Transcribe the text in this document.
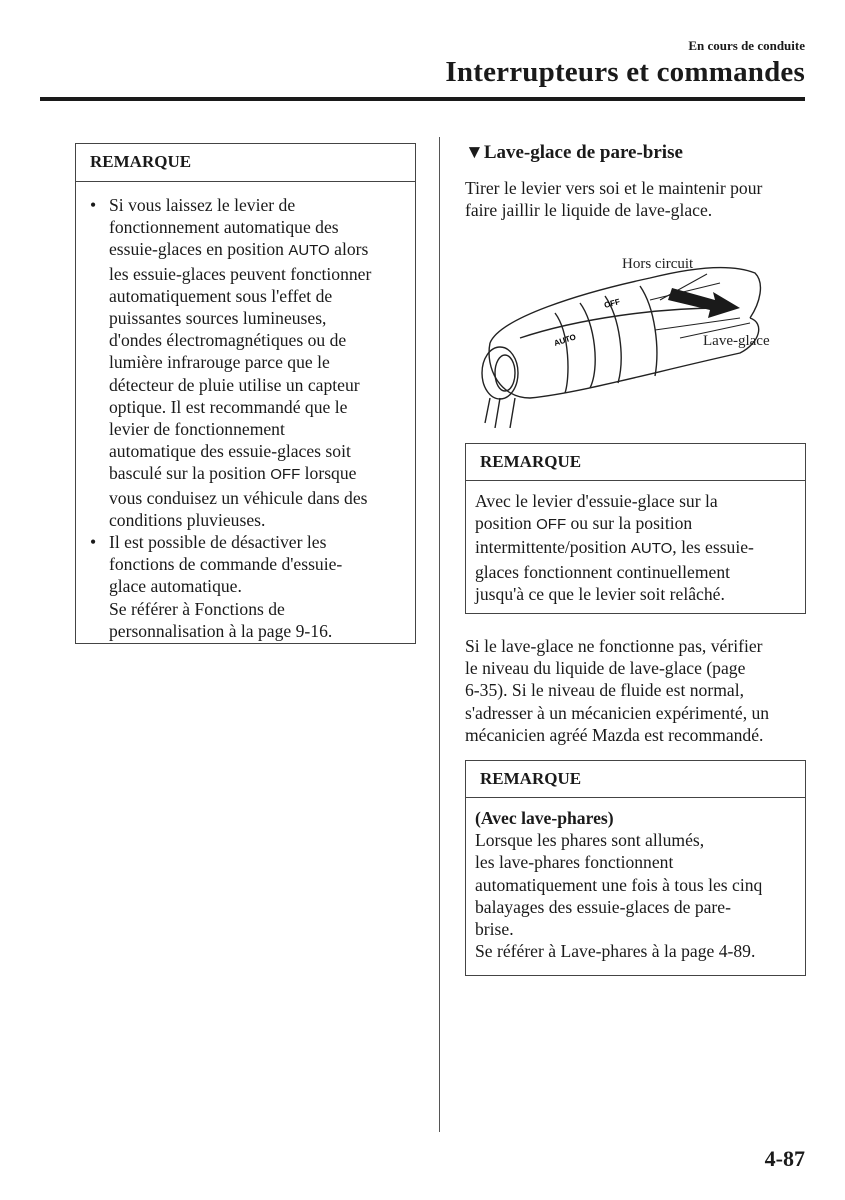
En cours de conduite
Interrupteurs et commandes
REMARQUE
• Si vous laissez le levier de
fonctionnement automatique des
essuie-glaces en position AUTO alors
les essuie-glaces peuvent fonctionner
automatiquement sous l'effet de
puissantes sources lumineuses,
d'ondes électromagnétiques ou de
lumière infrarouge parce que le
détecteur de pluie utilise un capteur
optique. Il est recommandé que le
levier de fonctionnement
automatique des essuie-glaces soit
basculé sur la position OFF lorsque
vous conduisez un véhicule dans des
conditions pluvieuses.
• Il est possible de désactiver les
fonctions de commande d'essuie-
glace automatique.
Se référer à Fonctions de
personnalisation à la page 9-16.
▼Lave-glace de pare-brise
Tirer le levier vers soi et le maintenir pour
faire jaillir le liquide de lave-glace.
AUTO
OFF
Hors circuit
Lave-glace
REMARQUE
Avec le levier d'essuie-glace sur la
position OFF ou sur la position
intermittente/position AUTO, les essuie-
glaces fonctionnent continuellement
jusqu'à ce que le levier soit relâché.
Si le lave-glace ne fonctionne pas, vérifier
le niveau du liquide de lave-glace (page
6-35). Si le niveau de fluide est normal,
s'adresser à un mécanicien expérimenté, un
mécanicien agréé Mazda est recommandé.
REMARQUE
(Avec lave-phares)
Lorsque les phares sont allumés,
les lave-phares fonctionnent
automatiquement une fois à tous les cinq
balayages des essuie-glaces de pare-
brise.
Se référer à Lave-phares à la page 4-89.
4-87
